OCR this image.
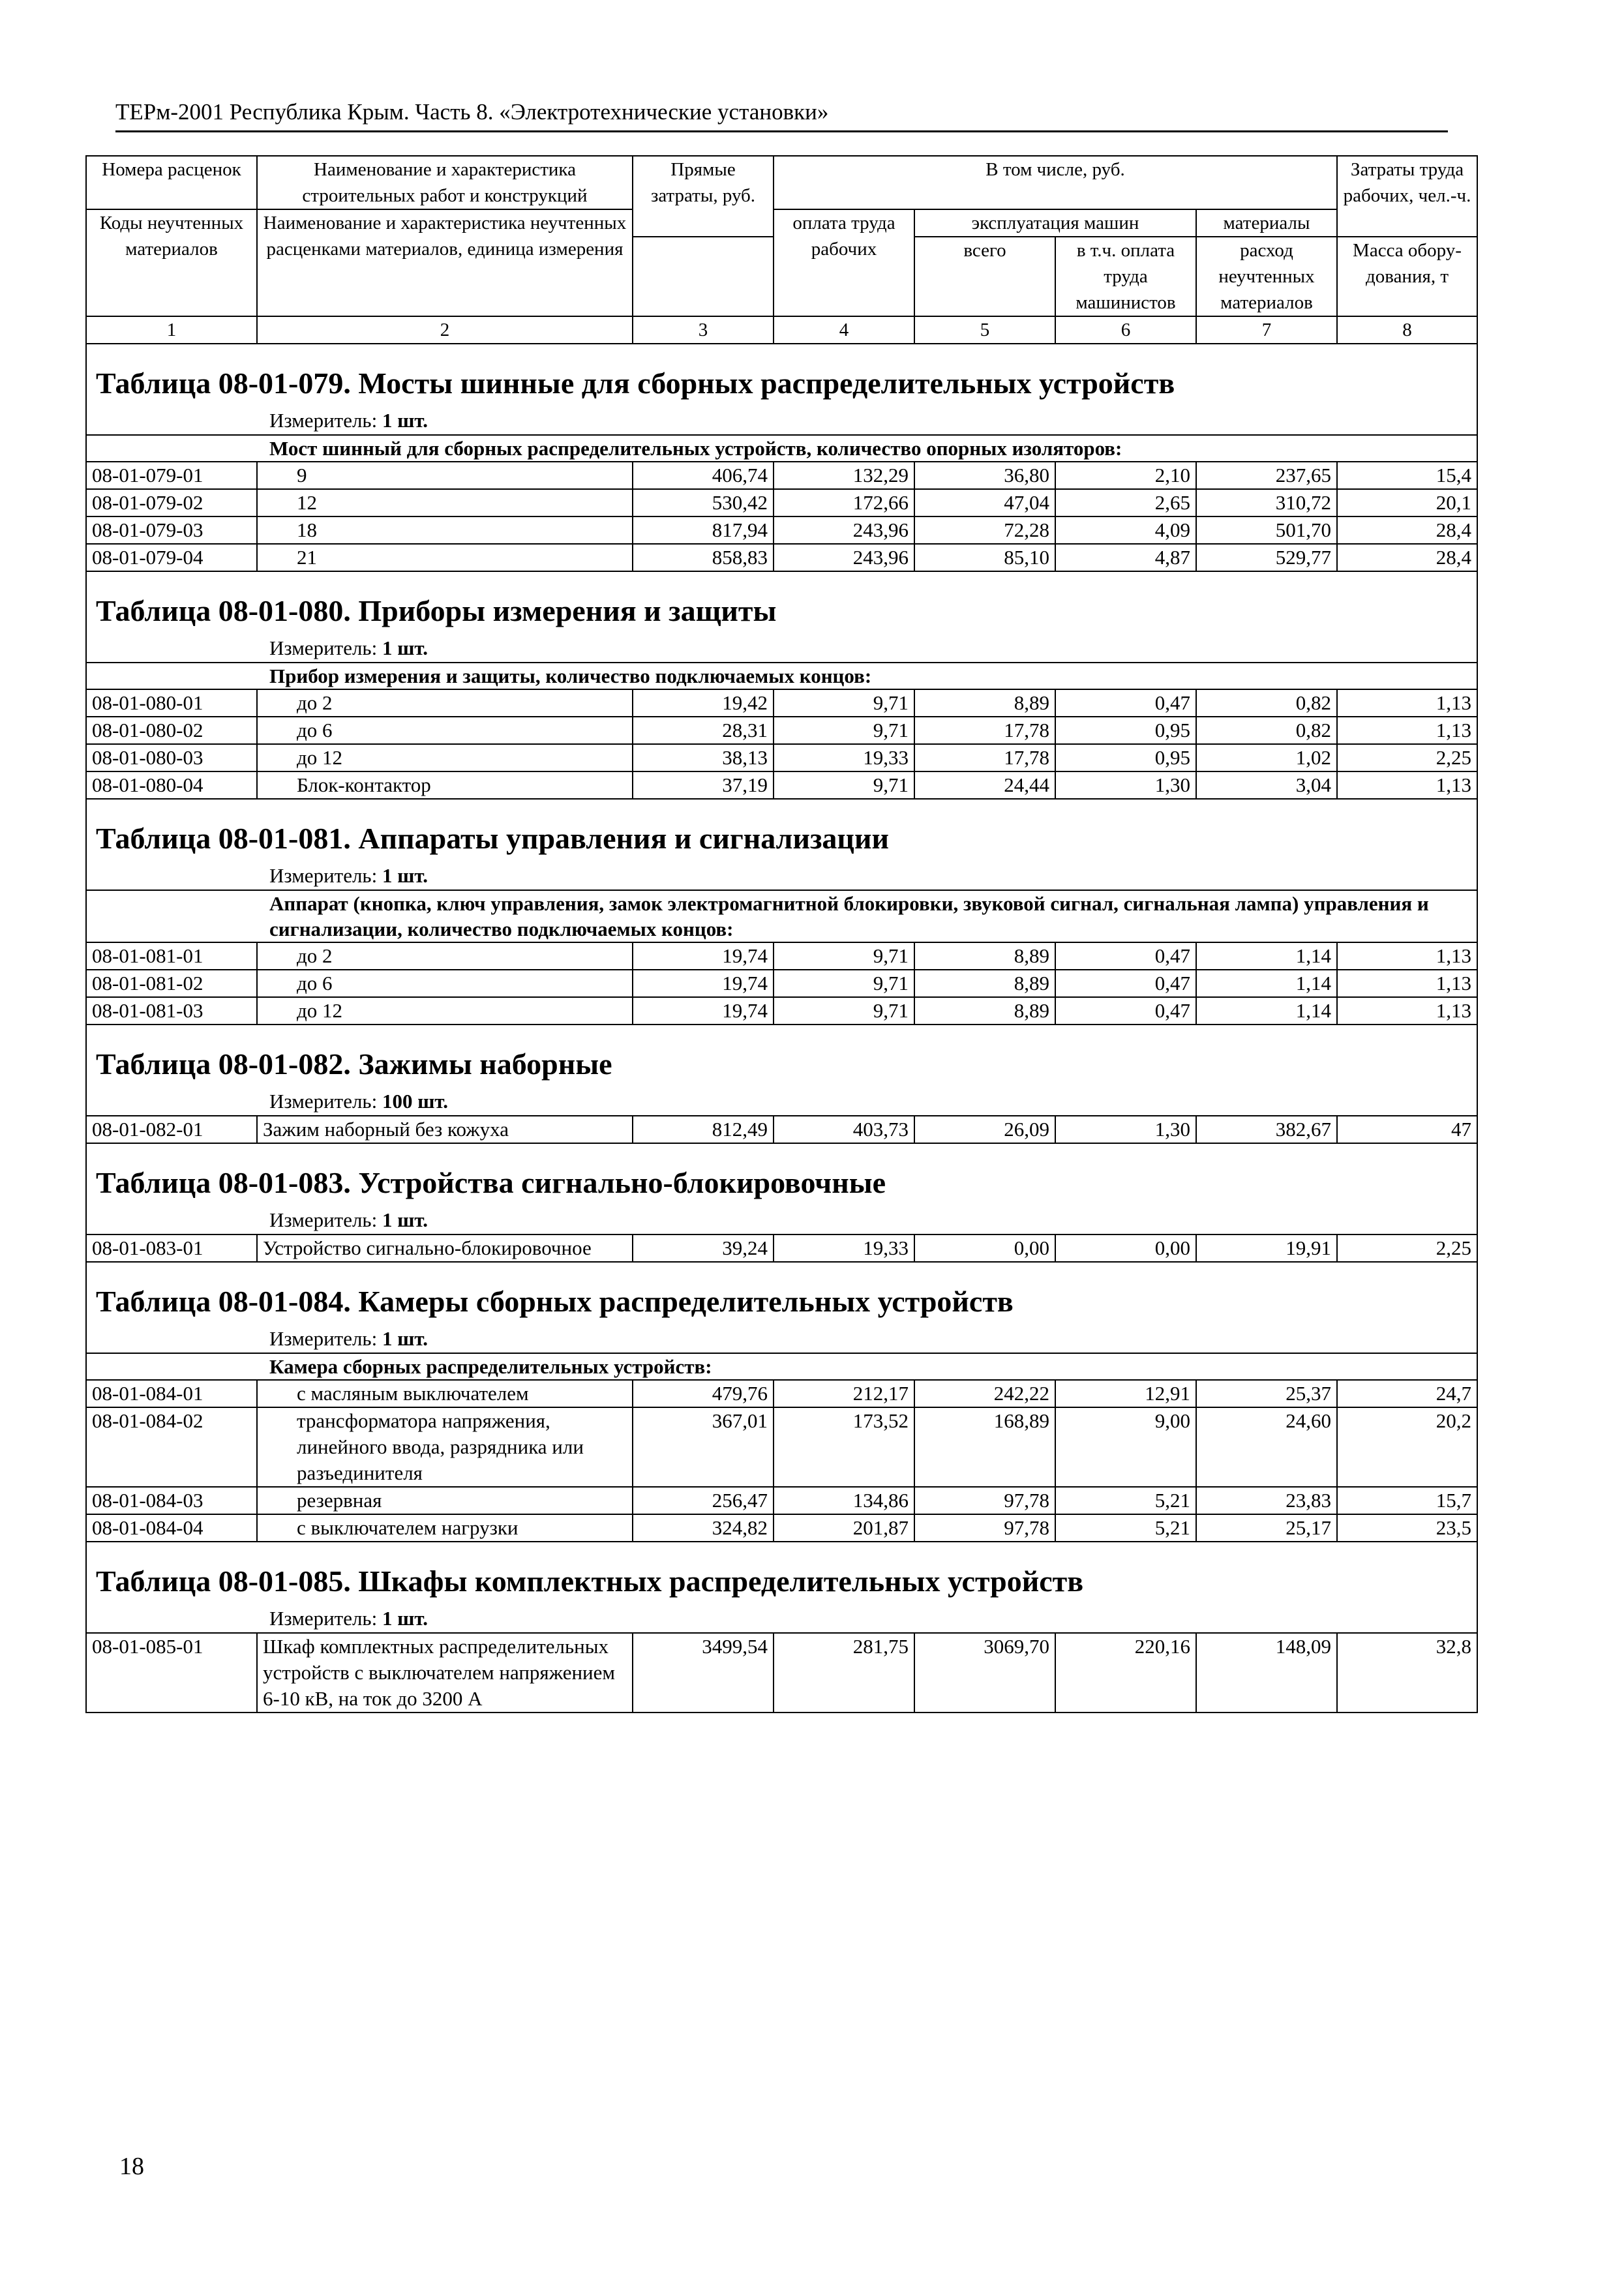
ТЕРм-2001 Республика Крым. Часть 8. «Электротехнические установки»
Номера расценок	Наименование и характеристика строительных работ и конструкций	Прямые затраты, руб.	В том числе, руб.				Затраты труда рабочих, чел.-ч.
Коды неучтенных материалов	Наименование и характеристика неучтенных расценками материалов, единица измерения		оплата труда рабочих	эксплуатация машин		материалы	
				всего	в т.ч. оплата труда машинистов	расход неучтенных материалов	
							Масса обору-дования, т
1	2	3	4	5	6	7	8
Таблица 08-01-079. Мосты шинные для сборных распределительных устройств							
Измеритель: 1 шт.							
Мост шинный для сборных распределительных устройств, количество опорных изоляторов:							
08-01-079-01	9	406,74	132,29	36,80	2,10	237,65	15,4
08-01-079-02	12	530,42	172,66	47,04	2,65	310,72	20,1
08-01-079-03	18	817,94	243,96	72,28	4,09	501,70	28,4
08-01-079-04	21	858,83	243,96	85,10	4,87	529,77	28,4
Таблица 08-01-080. Приборы измерения и защиты							
Измеритель: 1 шт.							
Прибор измерения и защиты, количество подключаемых концов:							
08-01-080-01	до 2	19,42	9,71	8,89	0,47	0,82	1,13
08-01-080-02	до 6	28,31	9,71	17,78	0,95	0,82	1,13
08-01-080-03	до 12	38,13	19,33	17,78	0,95	1,02	2,25
08-01-080-04	Блок-контактор	37,19	9,71	24,44	1,30	3,04	1,13
Таблица 08-01-081. Аппараты управления и сигнализации							
Измеритель: 1 шт.							
Аппарат (кнопка, ключ управления, замок электромагнитной блокировки, звуковой сигнал, сигнальная лампа) управления и сигнализации, количество подключаемых концов:							
08-01-081-01	до 2	19,74	9,71	8,89	0,47	1,14	1,13
08-01-081-02	до 6	19,74	9,71	8,89	0,47	1,14	1,13
08-01-081-03	до 12	19,74	9,71	8,89	0,47	1,14	1,13
Таблица 08-01-082. Зажимы наборные							
Измеритель: 100 шт.							
08-01-082-01	Зажим наборный без кожуха	812,49	403,73	26,09	1,30	382,67	47
Таблица 08-01-083. Устройства сигнально-блокировочные							
Измеритель: 1 шт.							
08-01-083-01	Устройство сигнально-блокировочное	39,24	19,33	0,00	0,00	19,91	2,25
Таблица 08-01-084. Камеры сборных распределительных устройств							
Измеритель: 1 шт.							
Камера сборных распределительных устройств:							
08-01-084-01	с масляным выключателем	479,76	212,17	242,22	12,91	25,37	24,7
08-01-084-02	трансформатора напряжения, линейного ввода, разрядника или разъединителя	367,01	173,52	168,89	9,00	24,60	20,2
08-01-084-03	резервная	256,47	134,86	97,78	5,21	23,83	15,7
08-01-084-04	с выключателем нагрузки	324,82	201,87	97,78	5,21	25,17	23,5
Таблица 08-01-085. Шкафы комплектных распределительных устройств							
Измеритель: 1 шт.							
08-01-085-01	Шкаф комплектных распределительных устройств с выключателем напряжением 6-10 кВ, на ток до 3200 А	3499,54	281,75	3069,70	220,16	148,09	32,8
18
